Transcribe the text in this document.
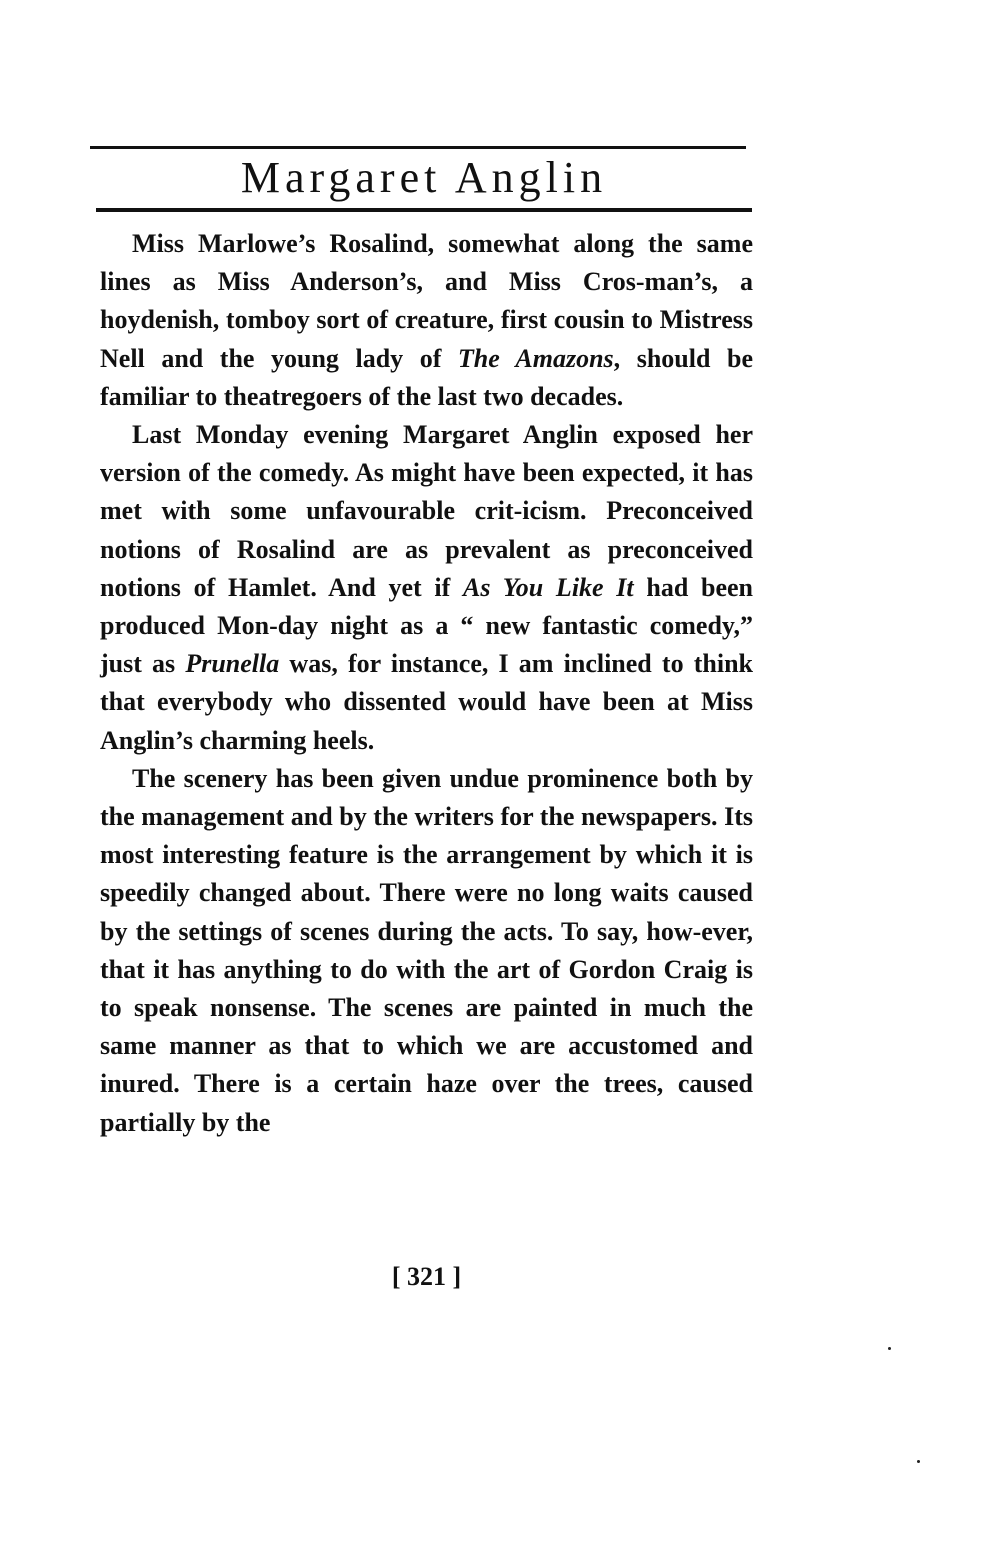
Margaret Anglin

Miss Marlowe’s Rosalind, somewhat along the same lines as Miss Anderson’s, and Miss Cros-man’s, a hoydenish, tomboy sort of creature, first cousin to Mistress Nell and the young lady of The Amazons, should be familiar to theatregoers of the last two decades.

Last Monday evening Margaret Anglin exposed her version of the comedy. As might have been expected, it has met with some unfavourable crit-icism. Preconceived notions of Rosalind are as prevalent as preconceived notions of Hamlet. And yet if As You Like It had been produced Mon-day night as a “ new fantastic comedy,” just as Prunella was, for instance, I am inclined to think that everybody who dissented would have been at Miss Anglin’s charming heels.

The scenery has been given undue prominence both by the management and by the writers for the newspapers. Its most interesting feature is the arrangement by which it is speedily changed about. There were no long waits caused by the settings of scenes during the acts. To say, how-ever, that it has anything to do with the art of Gordon Craig is to speak nonsense. The scenes are painted in much the same manner as that to which we are accustomed and inured. There is a certain haze over the trees, caused partially by the

[ 321 ]
